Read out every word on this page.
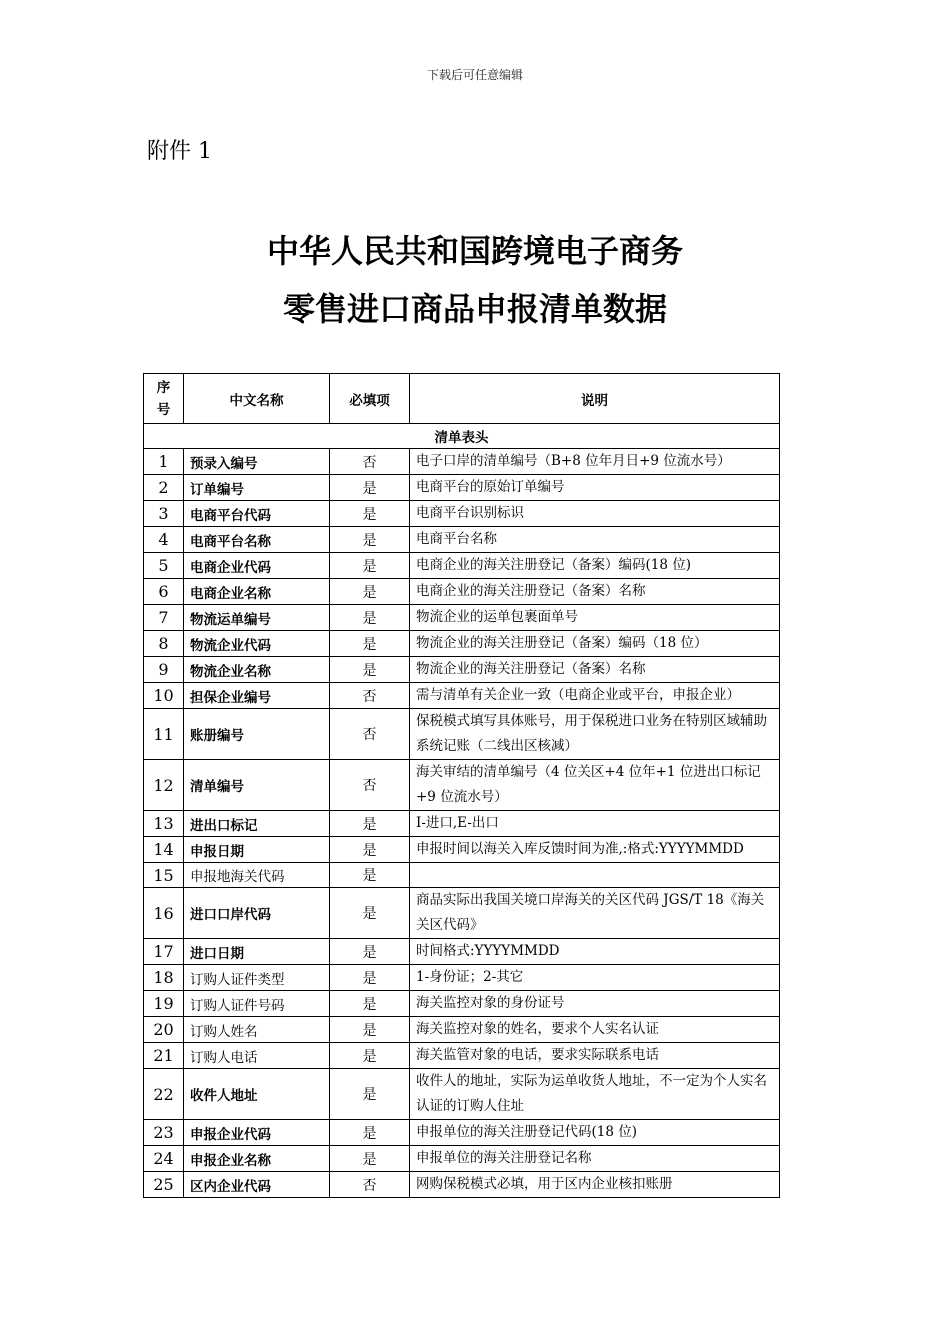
下载后可任意编辑
附件 1
中华人民共和国跨境电子商务
零售进口商品申报清单数据
序号	中文名称	必填项	说明
清单表头			
1	预录入编号	否	电子口岸的清单编号（B+8 位年月日+9 位流水号）
2	订单编号	是	电商平台的原始订单编号
3	电商平台代码	是	电商平台识别标识
4	电商平台名称	是	电商平台名称
5	电商企业代码	是	电商企业的海关注册登记（备案）编码(18 位)
6	电商企业名称	是	电商企业的海关注册登记（备案）名称
7	物流运单编号	是	物流企业的运单包裹面单号
8	物流企业代码	是	物流企业的海关注册登记（备案）编码（18 位）
9	物流企业名称	是	物流企业的海关注册登记（备案）名称
10	担保企业编号	否	需与清单有关企业一致（电商企业或平台，申报企业）
11	账册编号	否	保税模式填写具体账号，用于保税进口业务在特别区域辅助系统记账（二线出区核减）
12	清单编号	否	海关审结的清单编号（4 位关区+4 位年+1 位进出口标记+9 位流水号）
13	进出口标记	是	I-进口,E-出口
14	申报日期	是	申报时间以海关入库反馈时间为准,:格式:YYYYMMDD
15	申报地海关代码	是	
16	进口口岸代码	是	商品实际出我国关境口岸海关的关区代码 JGS/T 18《海关关区代码》
17	进口日期	是	时间格式:YYYYMMDD
18	订购人证件类型	是	1-身份证；2-其它
19	订购人证件号码	是	海关监控对象的身份证号
20	订购人姓名	是	海关监控对象的姓名，要求个人实名认证
21	订购人电话	是	海关监管对象的电话，要求实际联系电话
22	收件人地址	是	收件人的地址，实际为运单收货人地址，不一定为个人实名认证的订购人住址
23	申报企业代码	是	申报单位的海关注册登记代码(18 位)
24	申报企业名称	是	申报单位的海关注册登记名称
25	区内企业代码	否	网购保税模式必填，用于区内企业核扣账册
